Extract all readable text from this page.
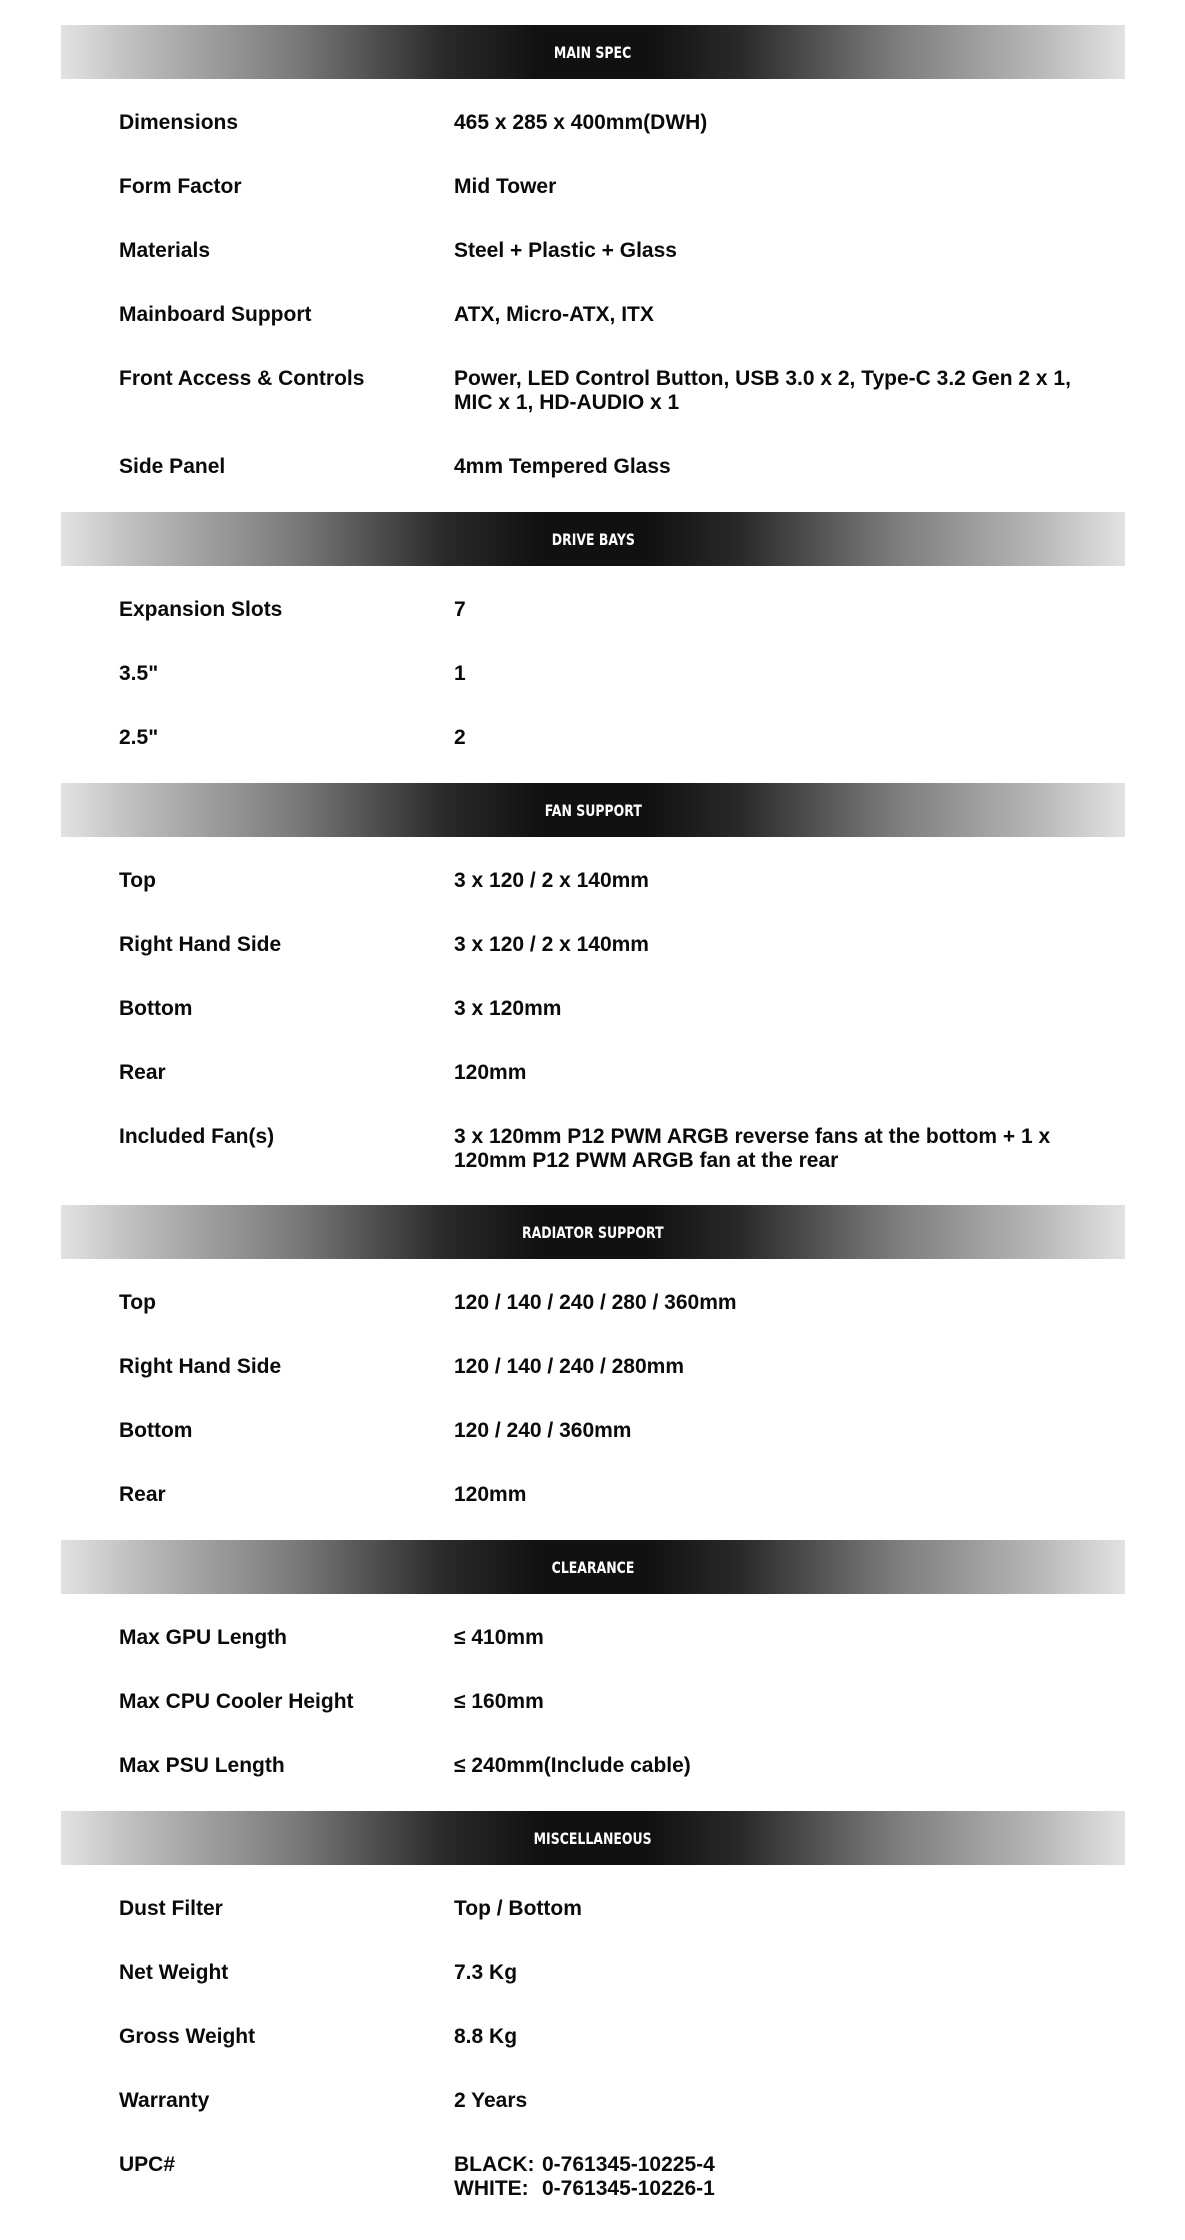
MAIN SPEC
Dimensions	465 x 285 x 400mm(DWH)
Form Factor	Mid Tower
Materials	Steel + Plastic + Glass
Mainboard Support	ATX, Micro-ATX, ITX
Front Access & Controls	Power, LED Control Button, USB 3.0 x 2, Type-C 3.2 Gen 2 x 1,
MIC x 1, HD-AUDIO x 1
Side Panel	4mm Tempered Glass
DRIVE BAYS
Expansion Slots	7
3.5"	1
2.5"	2
FAN SUPPORT
Top	3 x 120 / 2 x 140mm
Right Hand Side	3 x 120 / 2 x 140mm
Bottom	3 x 120mm
Rear	120mm
Included Fan(s)	3 x 120mm P12 PWM ARGB reverse fans at the bottom + 1 x
120mm P12 PWM ARGB fan at the rear
RADIATOR SUPPORT
Top	120 / 140 / 240 / 280 / 360mm
Right Hand Side	120 / 140 / 240 / 280mm
Bottom	120 / 240 / 360mm
Rear	120mm
CLEARANCE
Max GPU Length	≤ 410mm
Max CPU Cooler Height	≤ 160mm
Max PSU Length	≤ 240mm(Include cable)
MISCELLANEOUS
Dust Filter	Top / Bottom
Net Weight	7.3 Kg
Gross Weight	8.8 Kg
Warranty	2 Years
UPC#	BLACK: 0-761345-10225-4
WHITE: 0-761345-10226-1
